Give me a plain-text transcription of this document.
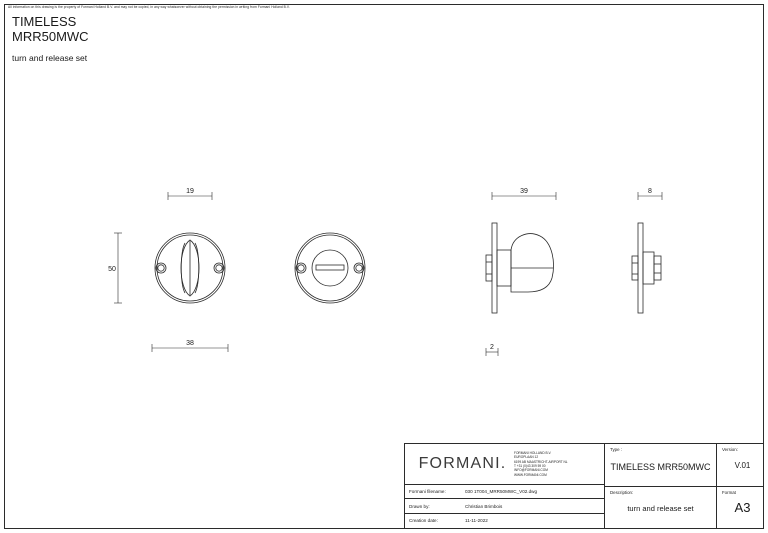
All information on this drawing is the property of Formani Holland B.V. and may not be copied, in any way whatsoever without obtaining the permission in writing from Formani Holland B.V.
TIMELESS
MRR50MWC
turn and release set
19
50
38
39
2
8
FORMANI.
FORMANI HOLLAND B.V.
EUROPLAAN 12
6199 AB MAASTRICHT-AIRPORT NL
T +31 (0)43 309 59 00
INFO@FORMANI.COM
WWW.FORMANI.COM
Formani filename:	030 1T004_MRR50MWC_V02.dwg
Drawn by:	Christian Brimbois
Creation date:	11-11-2022
Type :
TIMELESS MRR50MWC
Version:
V.01
Description:
turn and release set
Format
A3
